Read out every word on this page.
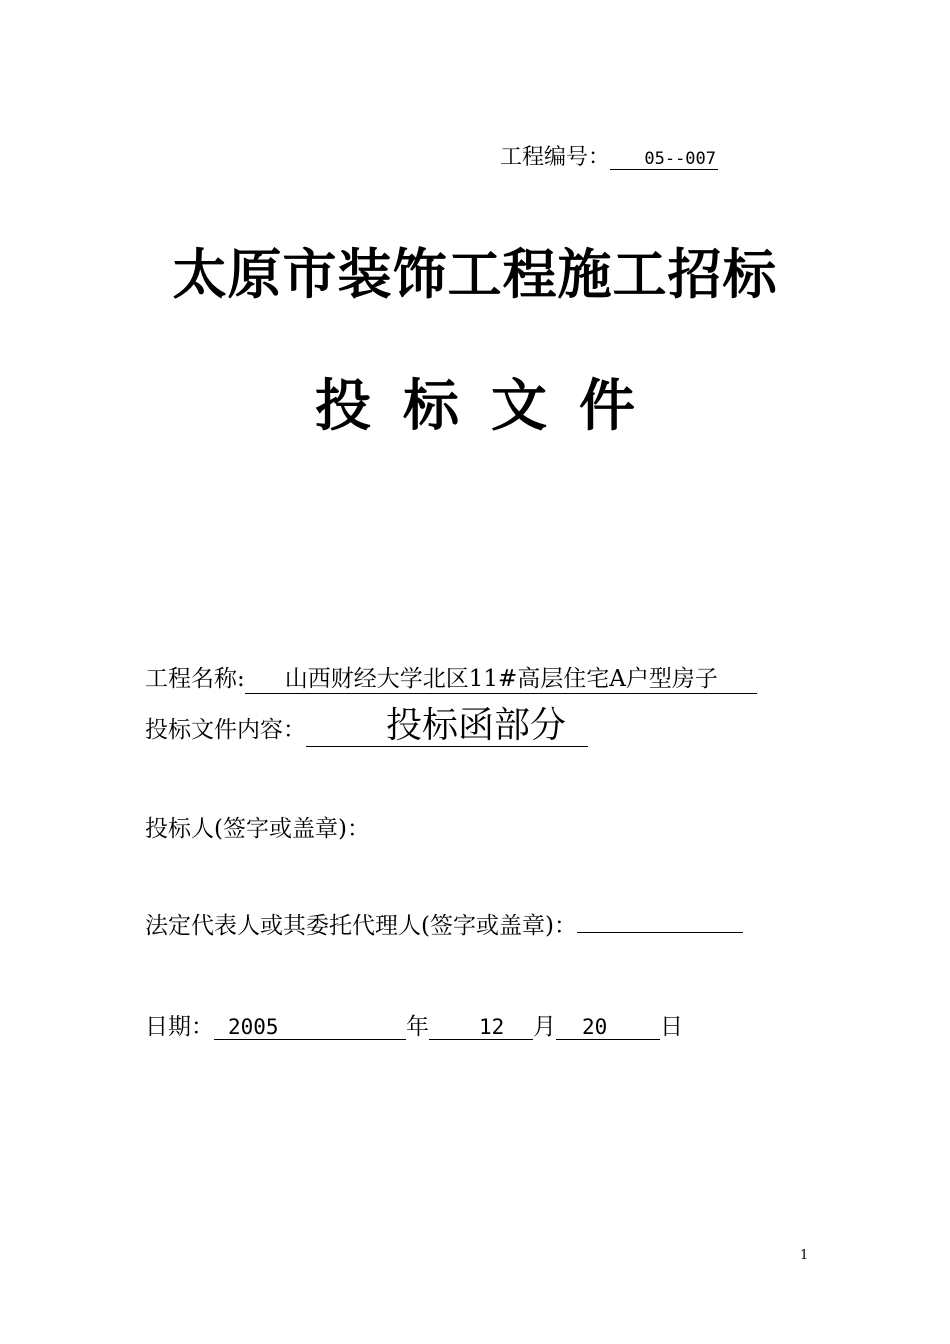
工程编号： 05--007
太原市装饰工程施工招标
投 标 文 件
工程名称: 山西财经大学北区11#高层住宅A户型房子
投标文件内容： 投标函部分
投标人(签字或盖章)：
法定代表人或其委托代理人(签字或盖章)：
日期： 2005	年 12 月 20 日
1
